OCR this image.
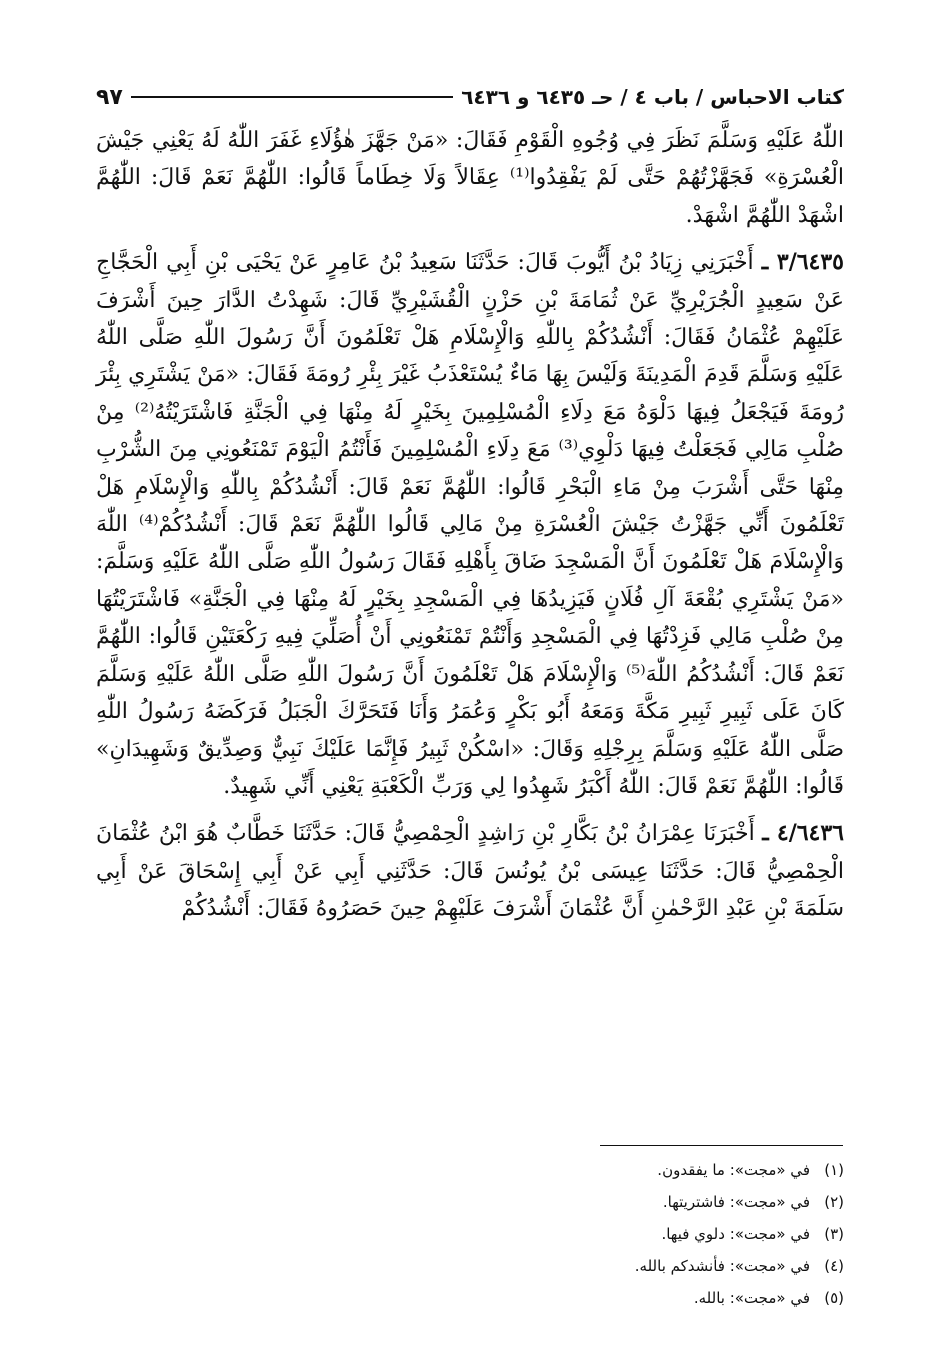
كتاب الاحباس / باب ٤ / حـ ٦٤٣٥ و ٦٤٣٦
٩٧

اللّٰهُ عَلَيْهِ وَسَلَّمَ نَظَرَ فِي وُجُوهِ الْقَوْمِ فَقَالَ: «مَنْ جَهَّزَ هٰؤُلَاءِ غَفَرَ اللّٰهُ لَهُ يَعْنِي جَيْشَ الْعُسْرَةِ» فَجَهَّزْتُهُمْ حَتَّى لَمْ يَفْقِدُوا⁽¹⁾ عِقَالاً وَلَا خِطَاماً قَالُوا: اللّٰهُمَّ نَعَمْ قَالَ: اللّٰهُمَّ اشْهَدْ اللّٰهُمَّ اشْهَدْ.

٣/٦٤٣٥ ـ أَخْبَرَنِي زِيَادُ بْنُ أَيُّوبَ قَالَ: حَدَّثَنَا سَعِيدُ بْنُ عَامِرٍ عَنْ يَحْيَى بْنِ أَبِي الْحَجَّاجِ عَنْ سَعِيدٍ الْجُرَيْرِيِّ عَنْ ثُمَامَةَ بْنِ حَزْنٍ الْقُشَيْرِيِّ قَالَ: شَهِدْتُ الدَّارَ حِينَ أَشْرَفَ عَلَيْهِمْ عُثْمَانُ فَقَالَ: أَنْشُدُكُمْ بِاللّٰهِ وَالْإِسْلَامِ هَلْ تَعْلَمُونَ أَنَّ رَسُولَ اللّٰهِ صَلَّى اللّٰهُ عَلَيْهِ وَسَلَّمَ قَدِمَ الْمَدِينَةَ وَلَيْسَ بِهَا مَاءٌ يُسْتَعْذَبُ غَيْرَ بِئْرِ رُومَةَ فَقَالَ: «مَنْ يَشْتَرِي بِئْرَ رُومَةَ فَيَجْعَلُ فِيهَا دَلْوَهُ مَعَ دِلَاءِ الْمُسْلِمِينَ بِخَيْرٍ لَهُ مِنْهَا فِي الْجَنَّةِ فَاشْتَرَيْتُهُ⁽²⁾ مِنْ صُلْبِ مَالِي فَجَعَلْتُ فِيهَا دَلْوِي⁽³⁾ مَعَ دِلَاءِ الْمُسْلِمِينَ فَأَنْتُمُ الْيَوْمَ تَمْنَعُونِي مِنَ الشُّرْبِ مِنْهَا حَتَّى أَشْرَبَ مِنْ مَاءِ الْبَحْرِ قَالُوا: اللّٰهُمَّ نَعَمْ قَالَ: أَنْشُدُكُمْ بِاللّٰهِ وَالْإِسْلَامِ هَلْ تَعْلَمُونَ أَنِّي جَهَّزْتُ جَيْشَ الْعُسْرَةِ مِنْ مَالِي قَالُوا اللّٰهُمَّ نَعَمْ قَالَ: أَنْشُدُكُمْ⁽⁴⁾ اللّٰهَ وَالْإِسْلَامَ هَلْ تَعْلَمُونَ أَنَّ الْمَسْجِدَ ضَاقَ بِأَهْلِهِ فَقَالَ رَسُولُ اللّٰهِ صَلَّى اللّٰهُ عَلَيْهِ وَسَلَّمَ: «مَنْ يَشْتَرِي بُقْعَةَ آلِ فُلَانٍ فَيَزِيدُهَا فِي الْمَسْجِدِ بِخَيْرٍ لَهُ مِنْهَا فِي الْجَنَّةِ» فَاشْتَرَيْتُهَا مِنْ صُلْبِ مَالِي فَزِدْتُهَا فِي الْمَسْجِدِ وَأَنْتُمْ تَمْنَعُونِي أَنْ أُصَلِّيَ فِيهِ رَكْعَتَيْنِ قَالُوا: اللّٰهُمَّ نَعَمْ قَالَ: أَنْشُدُكُمُ اللّٰهَ⁽⁵⁾ وَالْإِسْلَامَ هَلْ تَعْلَمُونَ أَنَّ رَسُولَ اللّٰهِ صَلَّى اللّٰهُ عَلَيْهِ وَسَلَّمَ كَانَ عَلَى ثَبِيرِ ثَبِيرِ مَكَّةَ وَمَعَهُ أَبُو بَكْرٍ وَعُمَرُ وَأَنَا فَتَحَرَّكَ الْجَبَلُ فَرَكَضَهُ رَسُولُ اللّٰهِ صَلَّى اللّٰهُ عَلَيْهِ وَسَلَّمَ بِرِجْلِهِ وَقَالَ: «اسْكُنْ ثَبِيرُ فَإِنَّمَا عَلَيْكَ نَبِيٌّ وَصِدِّيقٌ وَشَهِيدَانِ» قَالُوا: اللّٰهُمَّ نَعَمْ قَالَ: اللّٰهُ أَكْبَرُ شَهِدُوا لِي وَرَبِّ الْكَعْبَةِ يَعْنِي أَنِّي شَهِيدٌ.

٤/٦٤٣٦ ـ أَخْبَرَنَا عِمْرَانُ بْنُ بَكَّارِ بْنِ رَاشِدٍ الْحِمْصِيُّ قَالَ: حَدَّثَنَا خَطَّابٌ هُوَ ابْنُ عُثْمَانَ الْحِمْصِيُّ قَالَ: حَدَّثَنَا عِيسَى بْنُ يُونُسَ قَالَ: حَدَّثَنِي أَبِي عَنْ أَبِي إِسْحَاقَ عَنْ أَبِي سَلَمَةَ بْنِ عَبْدِ الرَّحْمٰنِ أَنَّ عُثْمَانَ أَشْرَفَ عَلَيْهِمْ حِينَ حَصَرُوهُ فَقَالَ: أَنْشُدُكُمْ

(١)
في «مجت»: ما يفقدون.
(٢)
في «مجت»: فاشتريتها.
(٣)
في «مجت»: دلوي فيها.
(٤)
في «مجت»: فأنشدكم بالله.
(٥)
في «مجت»: بالله.
